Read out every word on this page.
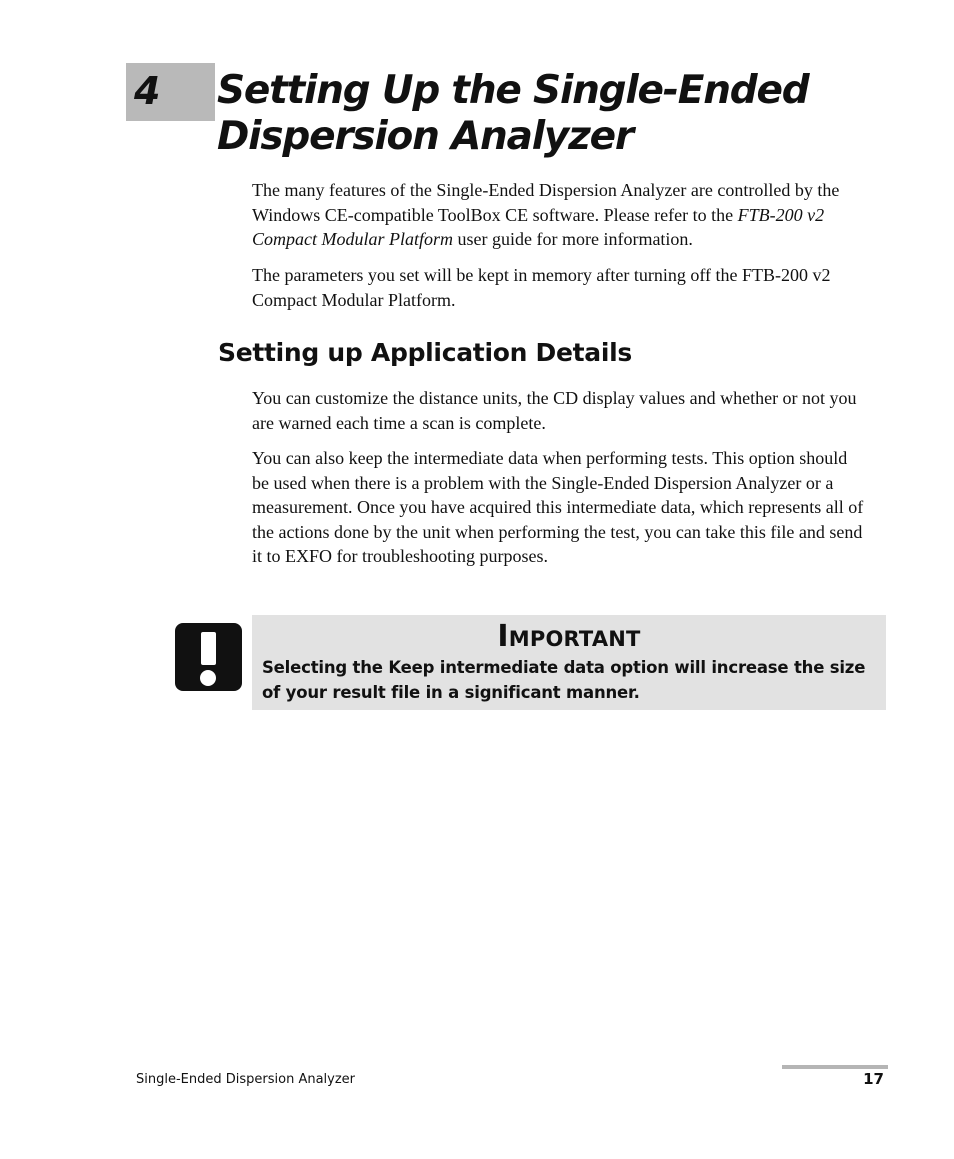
4 Setting Up the Single-Ended
Dispersion Analyzer

The many features of the Single-Ended Dispersion Analyzer are controlled by the Windows CE-compatible ToolBox CE software. Please refer to the FTB-200 v2 Compact Modular Platform user guide for more information.

The parameters you set will be kept in memory after turning off the FTB-200 v2 Compact Modular Platform.

Setting up Application Details

You can customize the distance units, the CD display values and whether or not you are warned each time a scan is complete.

You can also keep the intermediate data when performing tests. This option should be used when there is a problem with the Single-Ended Dispersion Analyzer or a measurement. Once you have acquired this intermediate data, which represents all of the actions done by the unit when performing the test, you can take this file and send it to EXFO for troubleshooting purposes.

Important

Selecting the Keep intermediate data option will increase the size of your result file in a significant manner.

Single-Ended Dispersion Analyzer	17
